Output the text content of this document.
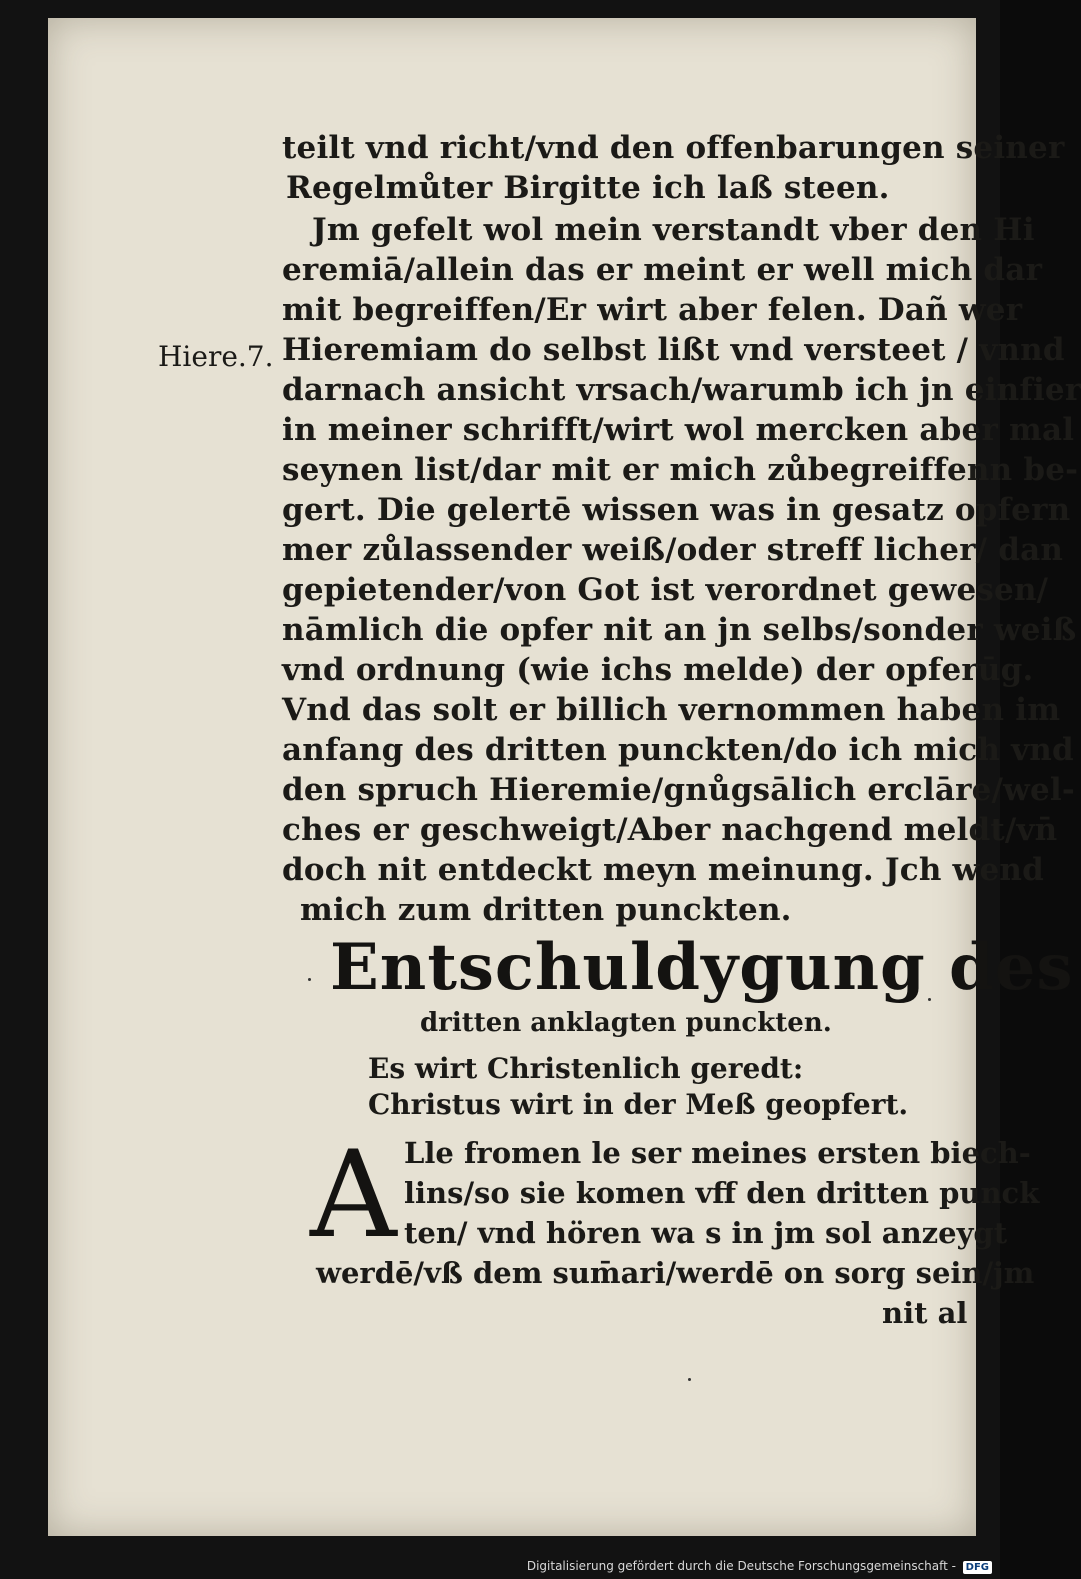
Hiere.7.
teilt vnd richt/vnd den offenbarungen seiner
Regelmůter Birgitte ich laß steen.
Jm gefelt wol mein verstandt vber den Hi
eremiā/allein das er meint er well mich dar
mit begreiffen/Er wirt aber felen. Dañ wer
Hieremiam do selbst lißt vnd versteet / vnnd
darnach ansicht vrsach/warumb ich jn einfier
in meiner schrifft/wirt wol mercken aber mal
seynen list/dar mit er mich zůbegreiffenn be-
gert. Die gelertē wissen was in gesatz opfern
mer zůlassender weiß/oder streff licher/ dan
gepietender/von Got ist verordnet gewesen/
nāmlich die opfer nit an jn selbs/sonder weiß
vnd ordnung (wie ichs melde) der opferūg.
Vnd das solt er billich vernommen haben im
anfang des dritten punckten/do ich mich vnd
den spruch Hieremie/gnůgsālich erclāre/wel-
ches er geschweigt/Aber nachgend meldt/vn̄
doch nit entdeckt meyn meinung. Jch wend
Entschuldygung des
dritten anklagten punckten.
Es wirt Christenlich geredt:
Christus wirt in der Meß geopfert.
A Lle fromen le ser meines ersten biech-
lins/so sie komen vff den dritten punck
ten/ vnd hören wa s in jm sol anzeygt
werdē/vß dem sum̄ari/werdē on sorg sein/jm
nit al
Digitalisierung gefördert durch die Deutsche Forschungsgemeinschaft - DFG
mich zum dritten punckten.
